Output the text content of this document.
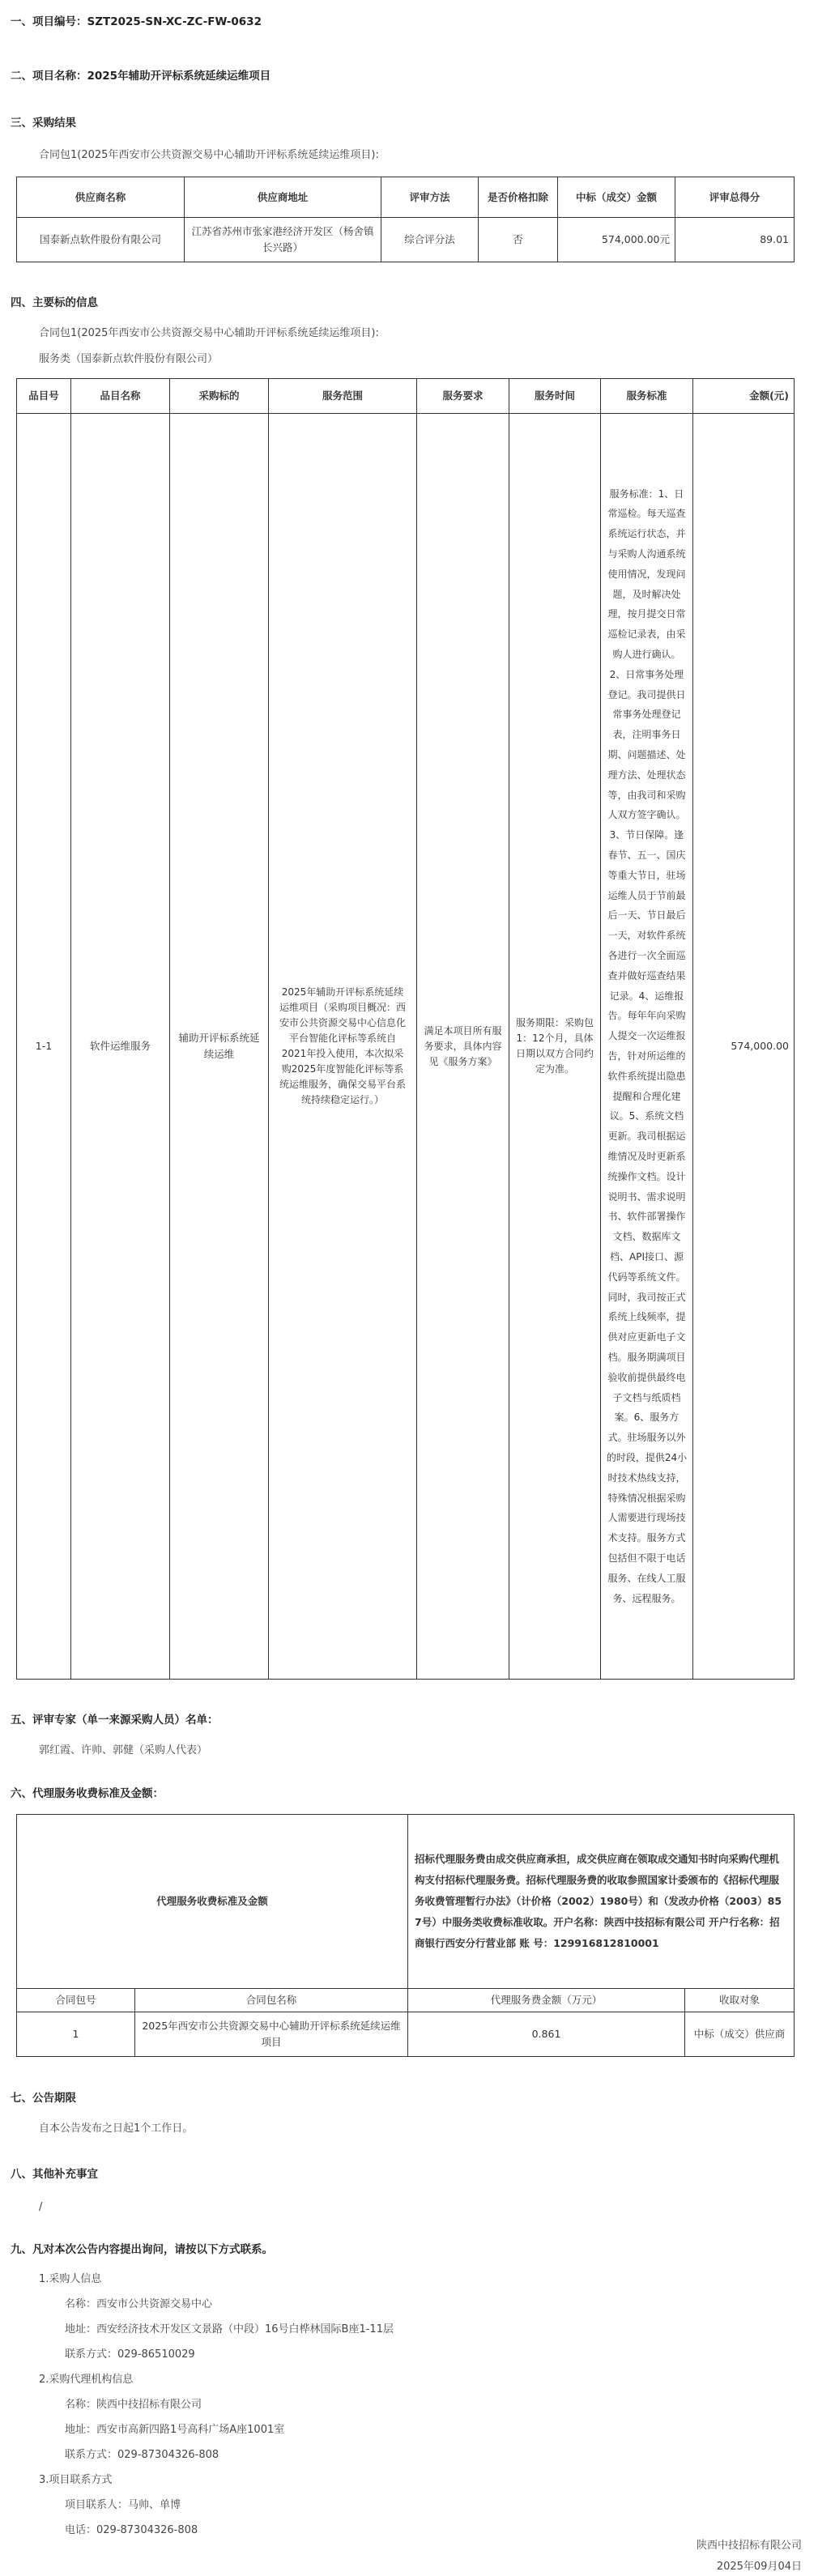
一、项目编号：SZT2025-SN-XC-ZC-FW-0632
二、项目名称：2025年辅助开评标系统延续运维项目
三、采购结果
合同包1(2025年西安市公共资源交易中心辅助开评标系统延续运维项目):
供应商名称	供应商地址	评审方法	是否价格扣除	中标（成交）金额	评审总得分
国泰新点软件股份有限公司	江苏省苏州市张家港经济开发区（杨舍镇长兴路）	综合评分法	否	574,000.00元	89.01
四、主要标的信息
合同包1(2025年西安市公共资源交易中心辅助开评标系统延续运维项目):
服务类（国泰新点软件股份有限公司）
品目号	品目名称	采购标的	服务范围	服务要求	服务时间	服务标准	金额(元)
1-1	软件运维服务	辅助开评标系统延续运维	2025年辅助开评标系统延续运维项目（采购项目概况：西安市公共资源交易中心信息化平台智能化评标等系统自2021年投入使用，本次拟采购2025年度智能化评标等系统运维服务，确保交易平台系统持续稳定运行。）	满足本项目所有服务要求，具体内容见《服务方案》	服务期限：采购包1：12个月，具体日期以双方合同约定为准。	服务标准：1、日常巡检。每天巡查系统运行状态，并与采购人沟通系统使用情况，发现问题，及时解决处理，按月提交日常巡检记录表，由采购人进行确认。2、日常事务处理登记。我司提供日常事务处理登记表，注明事务日期、问题描述、处理方法、处理状态等，由我司和采购人双方签字确认。3、节日保障。逢春节、五一、国庆等重大节日，驻场运维人员于节前最后一天、节日最后一天，对软件系统各进行一次全面巡查并做好巡查结果记录。4、运维报告。每年年向采购人提交一次运维报告，针对所运维的软件系统提出隐患提醒和合理化建议。5、系统文档更新。我司根据运维情况及时更新系统操作文档。设计说明书、需求说明书、软件部署操作文档、数据库文档、API接口、源代码等系统文件。同时，我司按正式系统上线频率，提供对应更新电子文档。服务期满项目验收前提供最终电子文档与纸质档案。6、服务方式。驻场服务以外的时段，提供24小时技术热线支持，特殊情况根据采购人需要进行现场技术支持。服务方式包括但不限于电话服务、在线人工服务、远程服务。	574,000.00
五、评审专家（单一来源采购人员）名单：
郭红霞、许帅、郭健（采购人代表）
六、代理服务收费标准及金额：
代理服务收费标准及金额		招标代理服务费由成交供应商承担，成交供应商在领取成交通知书时向采购代理机构支付招标代理服务费。招标代理服务费的收取参照国家计委颁布的《招标代理服务收费管理暂行办法》（计价格（2002）1980号）和（发改办价格（2003）857号）中服务类收费标准收取。开户名称：陕西中技招标有限公司 开户行名称：招商银行西安分行营业部 账 号：129916812810001	
合同包号	合同包名称	代理服务费金额（万元）	收取对象
1	2025年西安市公共资源交易中心辅助开评标系统延续运维项目	0.861	中标（成交）供应商
七、公告期限
自本公告发布之日起1个工作日。
八、其他补充事宜
/
九、凡对本次公告内容提出询问，请按以下方式联系。
1.采购人信息
名称：西安市公共资源交易中心
地址：西安经济技术开发区文景路（中段）16号白桦林国际B座1-11层
联系方式：029-86510029
2.采购代理机构信息
名称：陕西中技招标有限公司
地址：西安市高新四路1号高科广场A座1001室
联系方式：029-87304326-808
3.项目联系方式
项目联系人：马帅、单博
电话：029-87304326-808
陕西中技招标有限公司
2025年09月04日
